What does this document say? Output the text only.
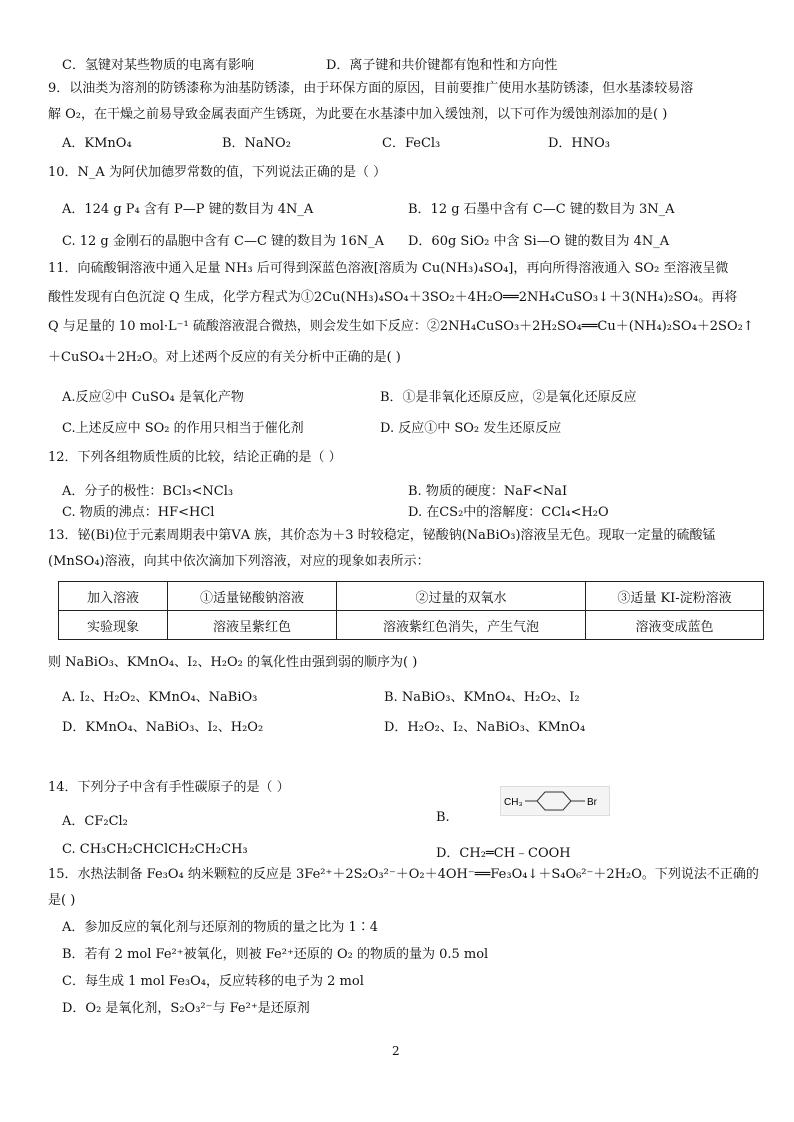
C．氢键对某些物质的电离有影响	D．离子键和共价键都有饱和性和方向性
9．以油类为溶剂的防锈漆称为油基防锈漆，由于环保方面的原因，目前要推广使用水基防锈漆，但水基漆较易溶
解 O₂，在干燥之前易导致金属表面产生锈斑，为此要在水基漆中加入缓蚀剂，以下可作为缓蚀剂添加的是( )
A．KMnO₄	B．NaNO₂	C．FeCl₃	D．HNO₃
10．N_A 为阿伏加德罗常数的值，下列说法正确的是（ ）
A．124 g P₄ 含有 P—P 键的数目为 4N_A	B．12 g 石墨中含有 C—C 键的数目为 3N_A
C. 12 g 金刚石的晶胞中含有 C—C 键的数目为 16N_A D．60g SiO₂ 中含 Si—O 键的数目为 4N_A
11．向硫酸铜溶液中通入足量 NH₃ 后可得到深蓝色溶液[溶质为 Cu(NH₃)₄SO₄]，再向所得溶液通入 SO₂ 至溶液呈微
酸性发现有白色沉淀 Q 生成，化学方程式为①2Cu(NH₃)₄SO₄＋3SO₂＋4H₂O══2NH₄CuSO₃↓＋3(NH₄)₂SO₄。再将
Q 与足量的 10 mol·L⁻¹ 硫酸溶液混合微热，则会发生如下反应：②2NH₄CuSO₃＋2H₂SO₄══Cu＋(NH₄)₂SO₄＋2SO₂↑
＋CuSO₄＋2H₂O。对上述两个反应的有关分析中正确的是( )
A.反应②中 CuSO₄ 是氧化产物	B．①是非氧化还原反应，②是氧化还原反应
C.上述反应中 SO₂ 的作用只相当于催化剂	D. 反应①中 SO₂ 发生还原反应
12．下列各组物质性质的比较，结论正确的是（ ）
A．分子的极性：BCl₃<NCl₃	B. 物质的硬度：NaF<NaI
C. 物质的沸点：HF<HCl	D. 在CS₂中的溶解度：CCl₄<H₂O
13．铋(Bi)位于元素周期表中第ⅤA 族，其价态为＋3 时较稳定，铋酸钠(NaBiO₃)溶液呈无色。现取一定量的硫酸锰
(MnSO₄)溶液，向其中依次滴加下列溶液，对应的现象如表所示：
加入溶液	①适量铋酸钠溶液	②过量的双氧水	③适量 KI-淀粉溶液
实验现象	溶液呈紫红色	溶液紫红色消失，产生气泡	溶液变成蓝色
则 NaBiO₃、KMnO₄、I₂、H₂O₂ 的氧化性由强到弱的顺序为( )
A. I₂、H₂O₂、KMnO₄、NaBiO₃	B. NaBiO₃、KMnO₄、H₂O₂、I₂
D．KMnO₄、NaBiO₃、I₂、H₂O₂	D．H₂O₂、I₂、NaBiO₃、KMnO₄
14．下列分子中含有手性碳原子的是（ ）
A．CF₂Cl₂	B.
CH₃	Br
C. CH₃CH₂CHClCH₂CH₂CH₃	D．CH₂═CH﹣COOH
15．水热法制备 Fe₃O₄ 纳米颗粒的反应是 3Fe²⁺＋2S₂O₃²⁻＋O₂＋4OH⁻══Fe₃O₄↓＋S₄O₆²⁻＋2H₂O。下列说法不正确的
是( )
A．参加反应的氧化剂与还原剂的物质的量之比为 1∶4
B．若有 2 mol Fe²⁺被氧化，则被 Fe²⁺还原的 O₂ 的物质的量为 0.5 mol
C．每生成 1 mol Fe₃O₄，反应转移的电子为 2 mol
D．O₂ 是氧化剂，S₂O₃²⁻与 Fe²⁺是还原剂
2
